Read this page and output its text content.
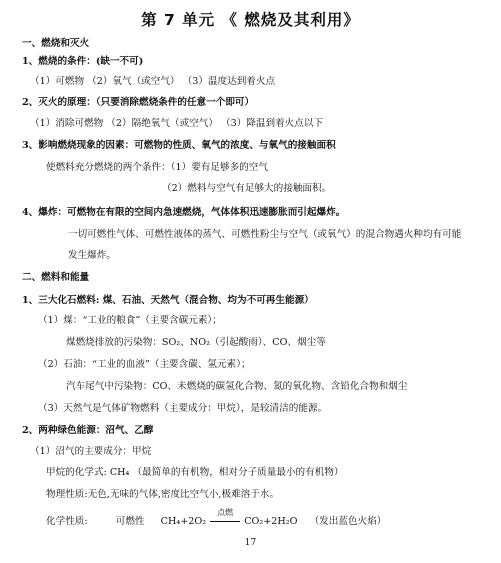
第 7 单元 《 燃烧及其利用》
一、燃烧和灭火
1、燃烧的条件：(缺一不可)
（1）可燃物 （2）氧气（或空气） （3）温度达到着火点
2、灭火的原理：（只要消除燃烧条件的任意一个即可）
（1）消除可燃物 （2）隔绝氧气（或空气） （3）降温到着火点以下
3、影响燃烧现象的因素：可燃物的性质、氧气的浓度、与氧气的接触面积
使燃料充分燃烧的两个条件：（1）要有足够多的空气
（2）燃料与空气有足够大的接触面积。
4、爆炸：可燃物在有限的空间内急速燃烧，气体体积迅速膨胀而引起爆炸。
一切可燃性气体、可燃性液体的蒸气、可燃性粉尘与空气（或氧气）的混合物遇火种均有可能
发生爆炸。
二、燃料和能量
1、三大化石燃料: 煤、石油、天然气（混合物、均为不可再生能源）
（1）煤：“工业的粮食”（主要含碳元素）；
煤燃烧排放的污染物：SO₂、NO₂（引起酸雨）、CO、烟尘等
（2）石油：“工业的血液”（主要含碳、氢元素）；
汽车尾气中污染物：CO、未燃烧的碳氢化合物、氮的氧化物、含铅化合物和烟尘
（3）天然气是气体矿物燃料（主要成分：甲烷），是较清洁的能源。
2、两种绿色能源：沼气、乙醇
（1）沼气的主要成分：甲烷
甲烷的化学式: CH₄ （最简单的有机物，相对分子质量最小的有机物）
物理性质:无色,无味的气体,密度比空气小,极难溶于水。
化学性质:	可燃性 CH₄+2O₂
点燃
CO₂+2H₂O （发出蓝色火焰）
17
